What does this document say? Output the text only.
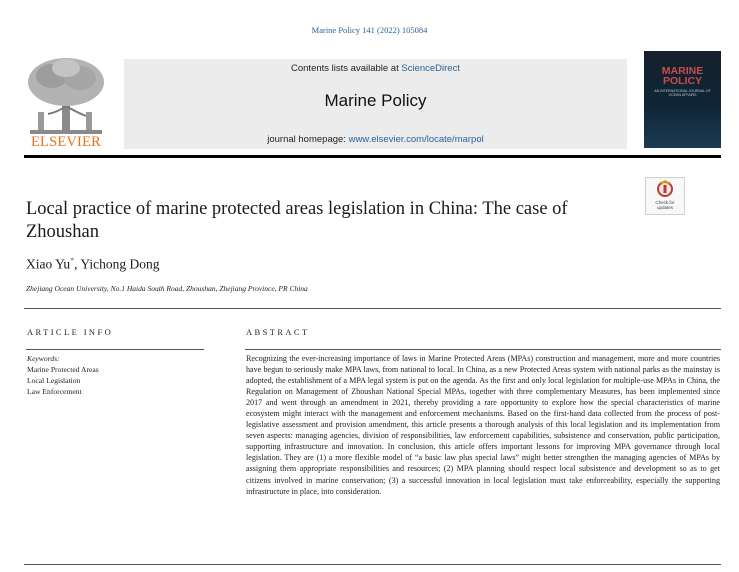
Marine Policy 141 (2022) 105084
ELSEVIER
Contents lists available at ScienceDirect
Marine Policy
journal homepage: www.elsevier.com/locate/marpol
MARINE
POLICY
AN INTERNATIONAL JOURNAL OF OCEAN AFFAIRS
Check for
updates
Local practice of marine protected areas legislation in China: The case of Zhoushan
Xiao Yu*, Yichong Dong
Zhejiang Ocean University, No.1 Haida South Road, Zhoushan, Zhejiang Province, PR China
ARTICLE INFO	ABSTRACT
Keywords:
Marine Protected Areas
Local Legislation
Law Enforcement
Recognizing the ever-increasing importance of laws in Marine Protected Areas (MPAs) construction and management, more and more countries have begun to seriously make MPA laws, from national to local. In China, as a new Protected Areas system with national parks as the mainstay is adopted, the establishment of a MPA legal system is put on the agenda. As the first and only local legislation for multiple-use MPAs in China, the Regulation on Management of Zhoushan National Special MPAs, together with three complementary Measures, has been implemented since 2017 and went through an amendment in 2021, thereby providing a rare opportunity to explore how the special characteristics of marine ecosystem might interact with the management and enforcement mechanisms. Based on the first-hand data collected from the process of post-legislative assessment and provision amendment, this article presents a thorough analysis of this local legislation and its implementation from seven aspects: managing agencies, division of responsibilities, law enforcement capabilities, subsistence and conservation, public participation, supporting infrastructure and innovation. In conclusion, this article offers important lessons for improving MPA governance through local legislation. They are (1) a more flexible model of “a basic law plus special laws” might better strengthen the managing agencies of MPAs by assigning them appropriate responsibilities and resources; (2) MPA planning should respect local subsistence and development so as to get citizens involved in marine conservation; (3) a successful innovation in local legislation must take enforceability, especially the supporting infrastructure in place, into consideration.
